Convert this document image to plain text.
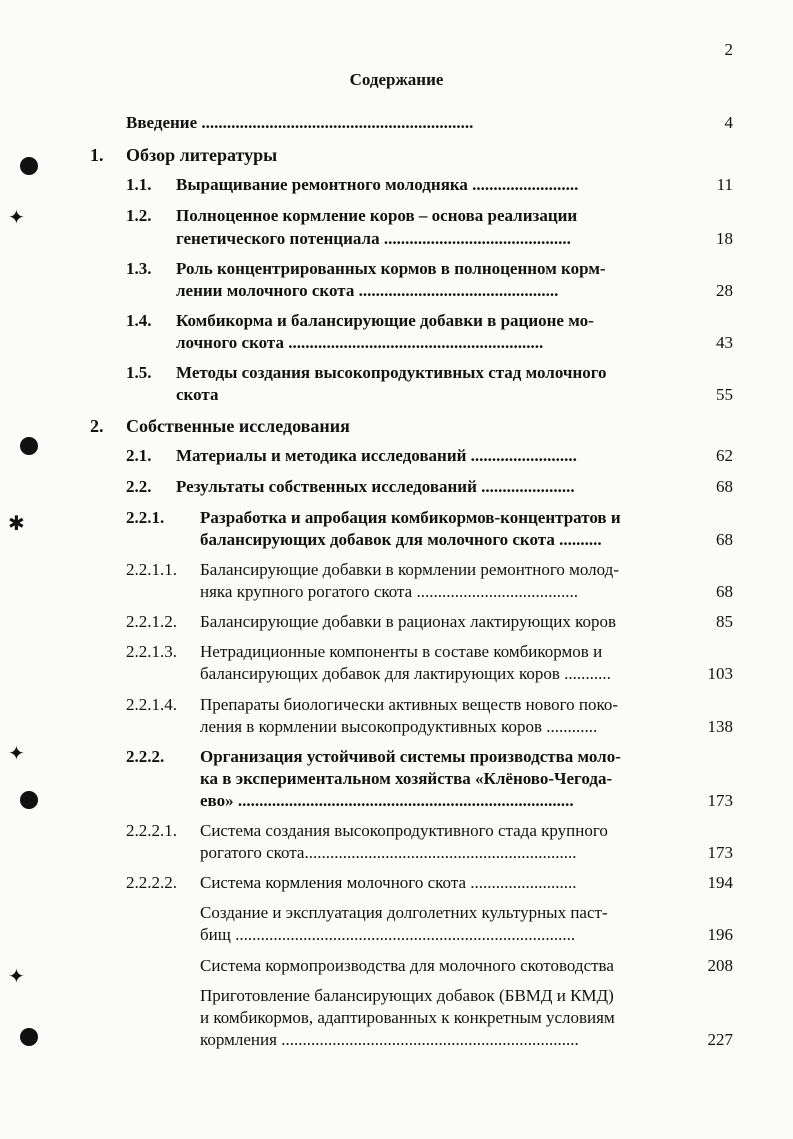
2
Содержание
✦
✱
✦
✦
Введение ................................................................	4
1. Обзор литературы
1.1. Выращивание ремонтного молодняка .........................	11
1.2. Полноценное кормление коров – основа реализации
генетического потенциала ............................................	18
1.3. Роль концентрированных кормов в полноценном корм-
лении молочного скота ...............................................	28
1.4. Комбикорма и балансирующие добавки в рационе мо-
лочного скота ............................................................	43
1.5. Методы создания высокопродуктивных стад молочного
скота	55
2. Собственные исследования
2.1. Материалы и методика исследований .........................	62
2.2. Результаты собственных исследований ......................	68
2.2.1. Разработка и апробация комбикормов-концентратов и
балансирующих добавок для молочного скота ..........	68
2.2.1.1. Балансирующие добавки в кормлении ремонтного молод-
няка крупного рогатого скота ......................................	68
2.2.1.2. Балансирующие добавки в рационах лактирующих коров	85
2.2.1.3. Нетрадиционные компоненты в составе комбикормов и
балансирующих добавок для лактирующих коров ...........	103
2.2.1.4. Препараты биологически активных веществ нового поко-
ления в кормлении высокопродуктивных коров ............	138
2.2.2. Организация устойчивой системы производства моло-
ка в экспериментальном хозяйства «Клёново-Чегода-
ево» ...............................................................................	173
2.2.2.1. Система создания высокопродуктивного стада крупного
рогатого скота................................................................	173
2.2.2.2. Система кормления молочного скота .........................	194
Создание и эксплуатация долголетних культурных паст-
бищ ................................................................................	196
Система кормопроизводства для молочного скотоводства	208
Приготовление балансирующих добавок (БВМД и КМД)
и комбикормов, адаптированных к конкретным условиям
кормления ......................................................................	227
